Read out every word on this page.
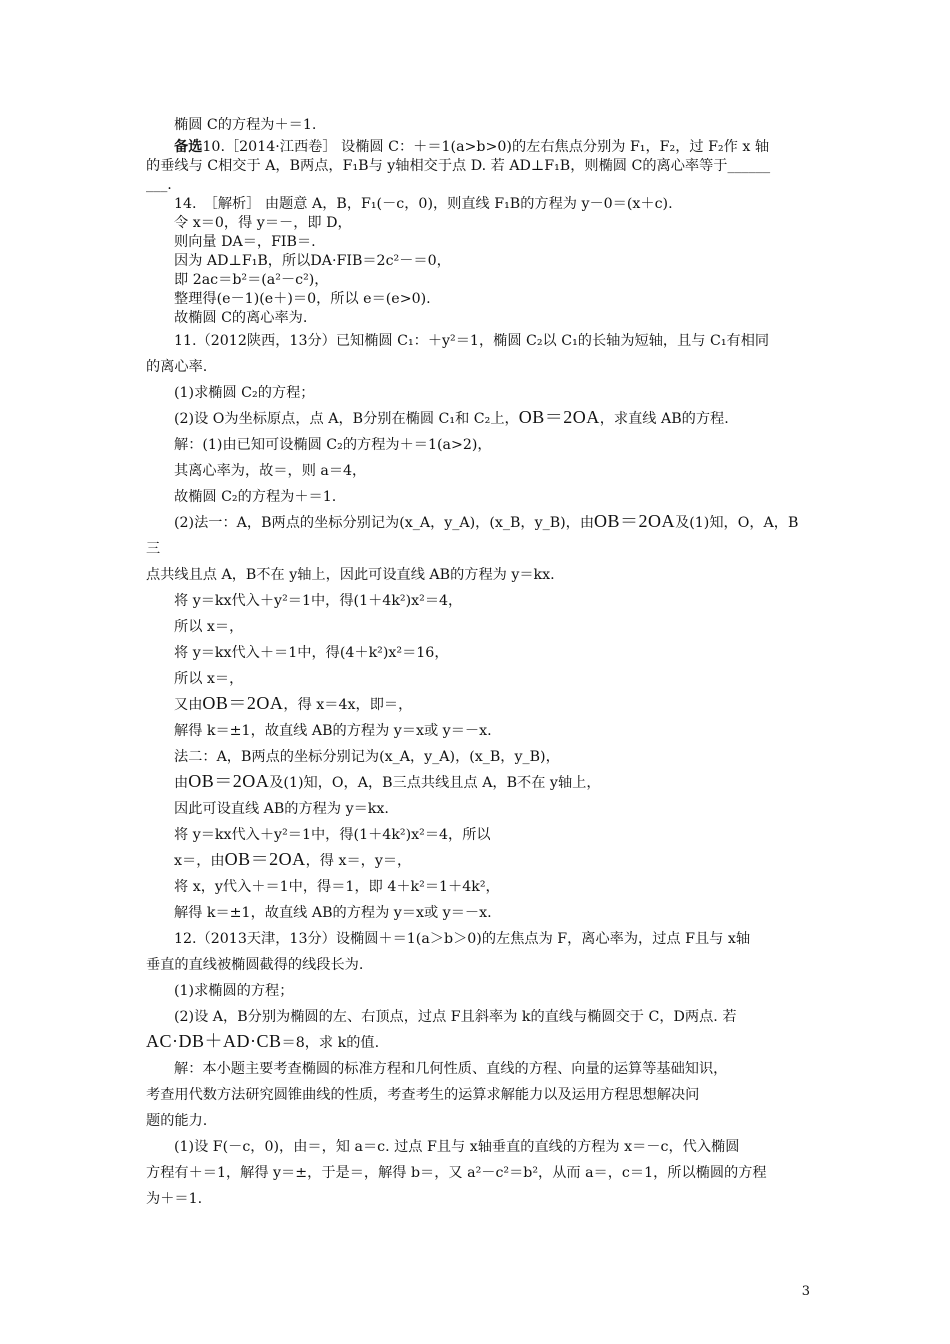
椭圆 C的方程为＋＝1.

备选10.［2014·江西卷］ 设椭圆 C：＋＝1(a>b>0)的左右焦点分别为 F₁，F₂，过 F₂作 x 轴

的垂线与 C相交于 A，B两点，F₁B与 y轴相交于点 D. 若 AD⊥F₁B，则椭圆 C的离心率等于______

___.

14.　［解析］ 由题意 A，B，F₁(－c，0)，则直线 F₁B的方程为 y－0＝(x＋c).

令 x＝0，得 y＝－，即 D，

则向量 DA＝，FIB＝.

因为 AD⊥F₁B，所以DA·FIB＝2c²－＝0，

即 2ac＝b²＝(a²－c²)，

整理得(e－1)(e＋)＝0，所以 e＝(e>0).

故椭圆 C的离心率为.

11.（2012陕西，13分）已知椭圆 C₁：＋y²＝1，椭圆 C₂以 C₁的长轴为短轴，且与 C₁有相同

的离心率.

(1)求椭圆 C₂的方程；

(2)设 O为坐标原点，点 A，B分别在椭圆 C₁和 C₂上，OB＝2OA，求直线 AB的方程.

解：(1)由已知可设椭圆 C₂的方程为＋＝1(a>2)，

其离心率为，故＝，则 a＝4，

故椭圆 C₂的方程为＋＝1.

(2)法一：A，B两点的坐标分别记为(x_A，y_A)，(x_B，y_B)，由OB＝2OA及(1)知，O，A，B三

点共线且点 A，B不在 y轴上，因此可设直线 AB的方程为 y＝kx.

将 y＝kx代入＋y²＝1中，得(1＋4k²)x²＝4，

所以 x＝，

将 y＝kx代入＋＝1中，得(4＋k²)x²＝16，

所以 x＝，

又由OB＝2OA，得 x＝4x，即＝，

解得 k＝±1，故直线 AB的方程为 y＝x或 y＝－x.

法二：A，B两点的坐标分别记为(x_A，y_A)，(x_B，y_B)，

由OB＝2OA及(1)知，O，A，B三点共线且点 A，B不在 y轴上，

因此可设直线 AB的方程为 y＝kx.

将 y＝kx代入＋y²＝1中，得(1＋4k²)x²＝4，所以

x＝，由OB＝2OA，得 x＝，y＝，

将 x，y代入＋＝1中，得＝1，即 4＋k²＝1＋4k²，

解得 k＝±1，故直线 AB的方程为 y＝x或 y＝－x.

12.（2013天津，13分）设椭圆＋＝1(a＞b＞0)的左焦点为 F，离心率为，过点 F且与 x轴

垂直的直线被椭圆截得的线段长为.

(1)求椭圆的方程；

(2)设 A，B分别为椭圆的左、右顶点，过点 F且斜率为 k的直线与椭圆交于 C，D两点. 若

AC·DB＋AD·CB＝8，求 k的值.

解：本小题主要考查椭圆的标准方程和几何性质、直线的方程、向量的运算等基础知识，

考查用代数方法研究圆锥曲线的性质，考查考生的运算求解能力以及运用方程思想解决问

题的能力.

(1)设 F(－c，0)，由＝，知 a＝c. 过点 F且与 x轴垂直的直线的方程为 x＝－c，代入椭圆

方程有＋＝1，解得 y＝±，于是＝，解得 b＝，又 a²－c²＝b²，从而 a＝，c＝1，所以椭圆的方程

为＋＝1.

3
